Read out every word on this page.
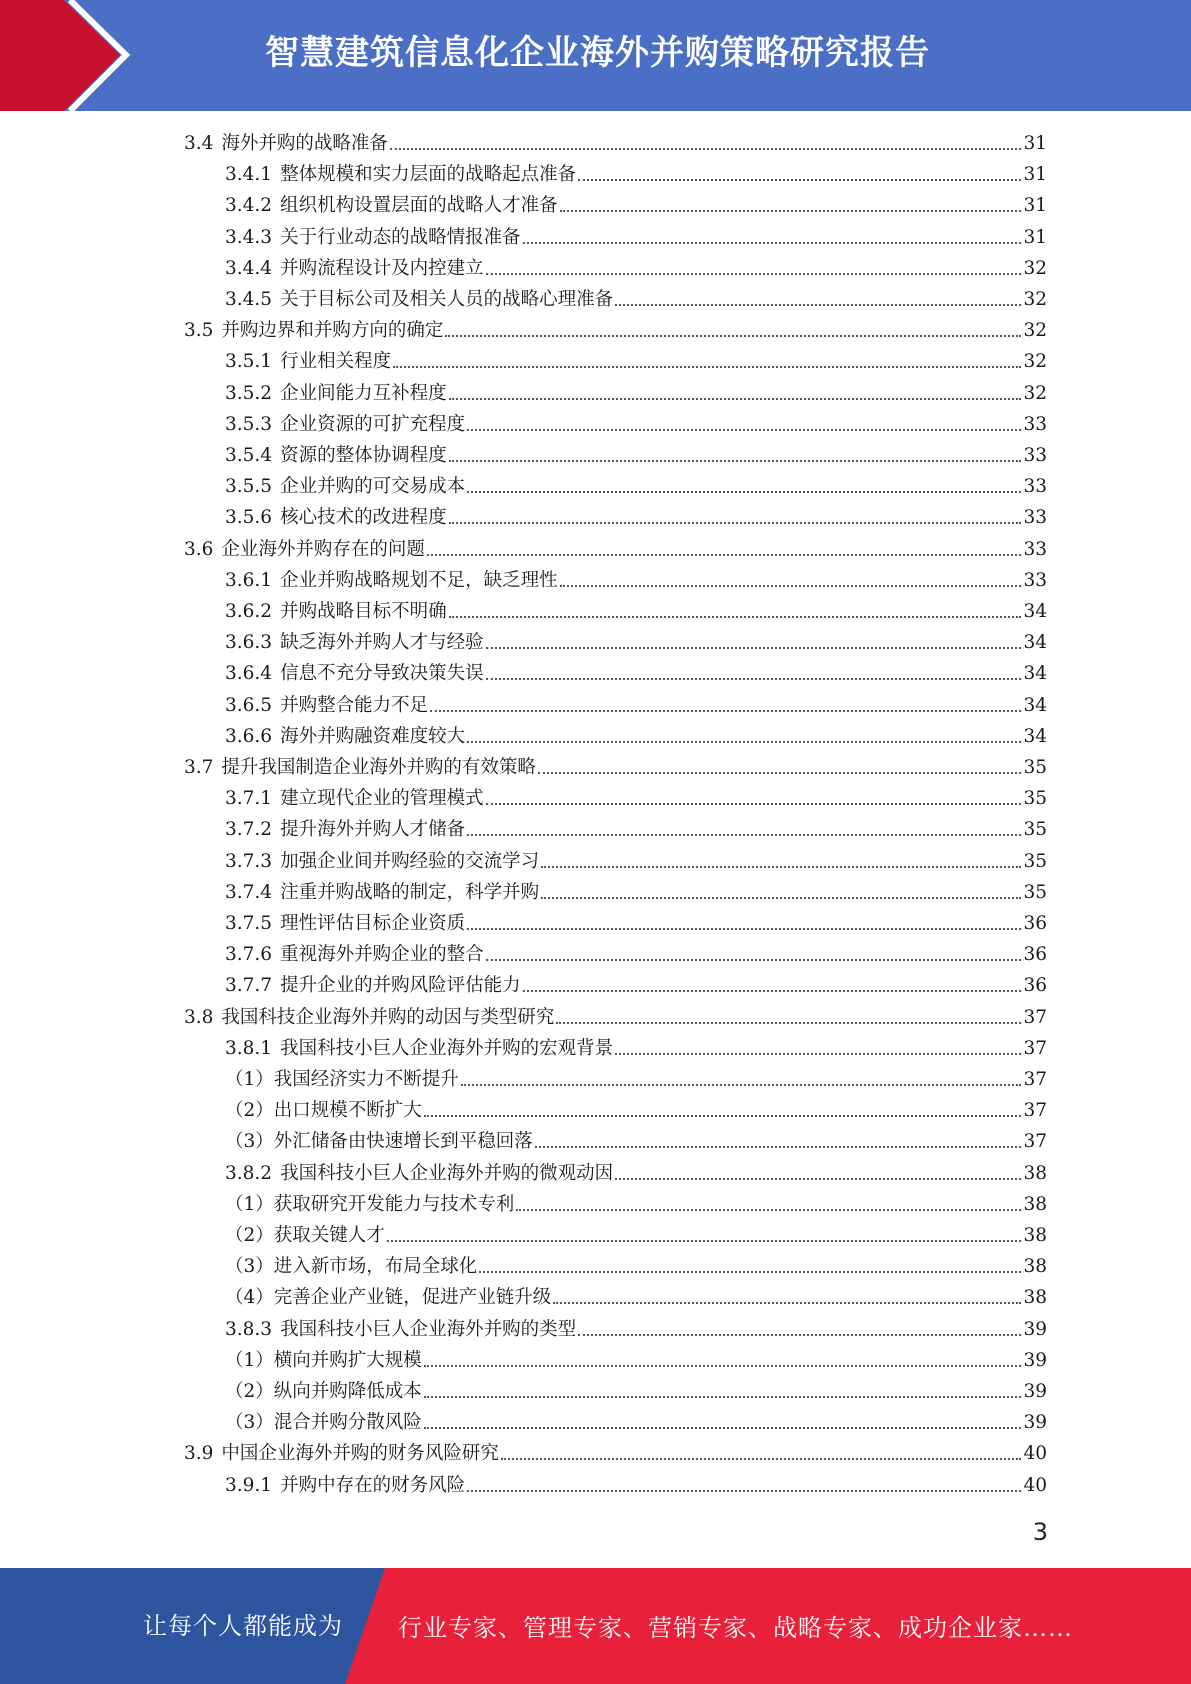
智慧建筑信息化企业海外并购策略研究报告
3.4 海外并购的战略准备	31
3.4.1 整体规模和实力层面的战略起点准备	31
3.4.2 组织机构设置层面的战略人才准备	31
3.4.3 关于行业动态的战略情报准备	31
3.4.4 并购流程设计及内控建立	32
3.4.5 关于目标公司及相关人员的战略心理准备	32
3.5 并购边界和并购方向的确定	32
3.5.1 行业相关程度	32
3.5.2 企业间能力互补程度	32
3.5.3 企业资源的可扩充程度	33
3.5.4 资源的整体协调程度	33
3.5.5 企业并购的可交易成本	33
3.5.6 核心技术的改进程度	33
3.6 企业海外并购存在的问题	33
3.6.1 企业并购战略规划不足，缺乏理性	33
3.6.2 并购战略目标不明确	34
3.6.3 缺乏海外并购人才与经验	34
3.6.4 信息不充分导致决策失误	34
3.6.5 并购整合能力不足	34
3.6.6 海外并购融资难度较大	34
3.7 提升我国制造企业海外并购的有效策略	35
3.7.1 建立现代企业的管理模式	35
3.7.2 提升海外并购人才储备	35
3.7.3 加强企业间并购经验的交流学习	35
3.7.4 注重并购战略的制定，科学并购	35
3.7.5 理性评估目标企业资质	36
3.7.6 重视海外并购企业的整合	36
3.7.7 提升企业的并购风险评估能力	36
3.8 我国科技企业海外并购的动因与类型研究	37
3.8.1 我国科技小巨人企业海外并购的宏观背景	37
（1） 我国经济实力不断提升	37
（2） 出口规模不断扩大	37
（3） 外汇储备由快速增长到平稳回落	37
3.8.2 我国科技小巨人企业海外并购的微观动因	38
（1） 获取研究开发能力与技术专利	38
（2） 获取关键人才	38
（3） 进入新市场，布局全球化	38
（4） 完善企业产业链，促进产业链升级	38
3.8.3 我国科技小巨人企业海外并购的类型	39
（1） 横向并购扩大规模	39
（2） 纵向并购降低成本	39
（3） 混合并购分散风险	39
3.9 中国企业海外并购的财务风险研究	40
3.9.1 并购中存在的财务风险	40
3
让每个人都能成为 行业专家、管理专家、营销专家、战略专家、成功企业家……
